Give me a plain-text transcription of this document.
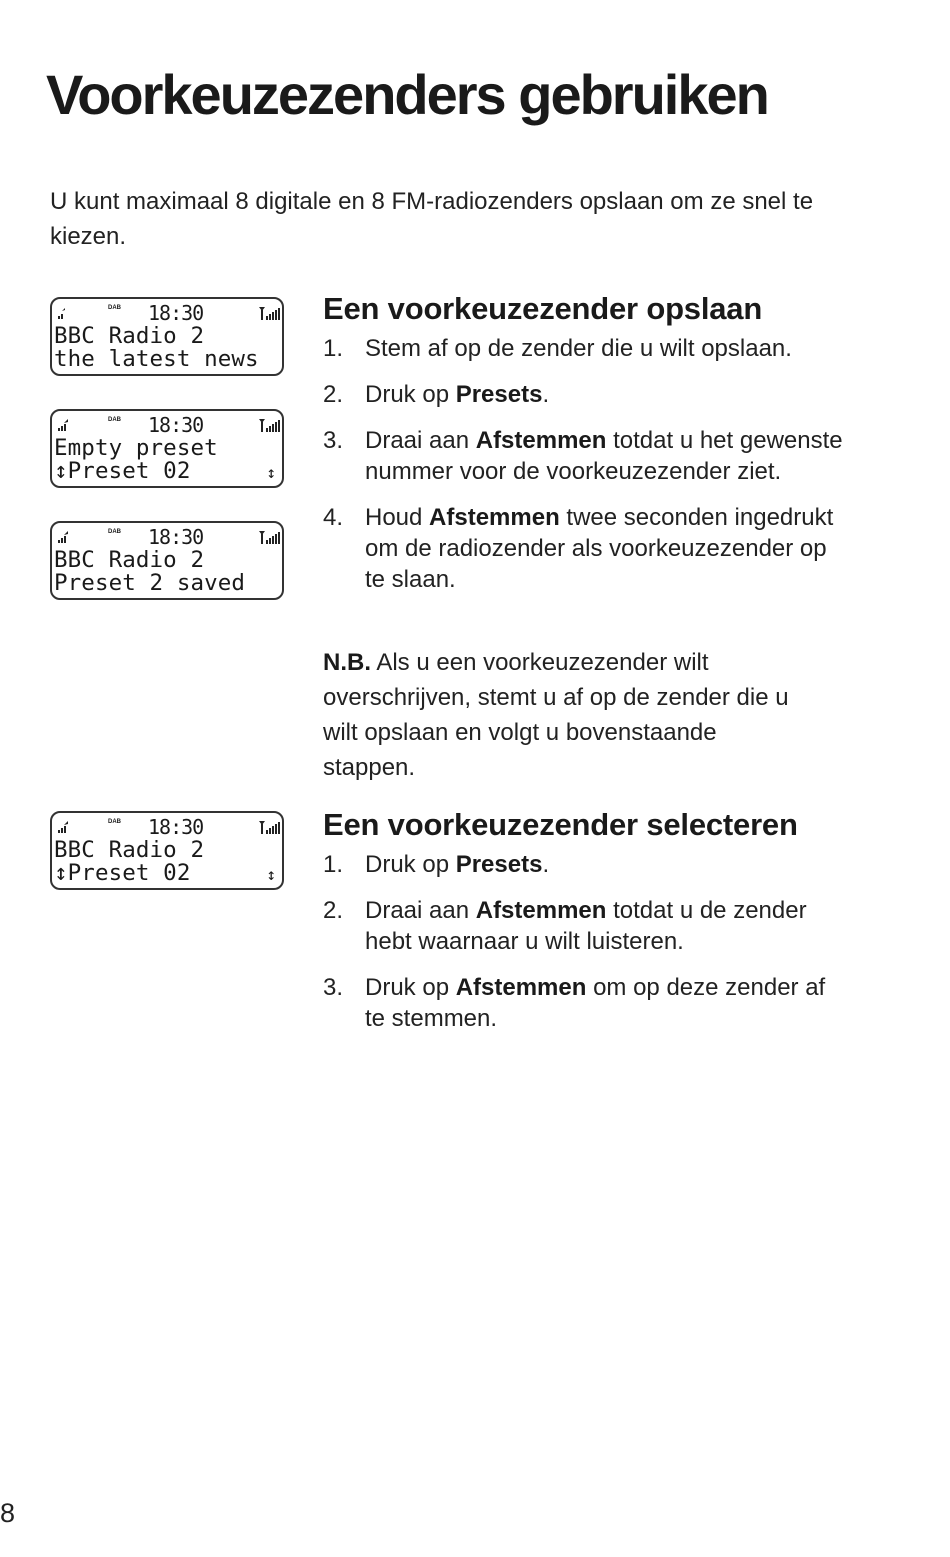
Voorkeuzezenders gebruiken

U kunt maximaal 8 digitale en 8 FM-radiozenders opslaan om ze snel te kiezen.

DAB 18:30
BBC Radio 2
the latest news
DAB 18:30
Empty preset
↕Preset 02	↕
DAB 18:30
BBC Radio 2
Preset 2 saved
DAB 18:30
BBC Radio 2
↕Preset 02	↕
Een voorkeuzezender opslaan
1. Stem af op de zender die u wilt opslaan.
2. Druk op Presets.
3. Draai aan Afstemmen totdat u het gewenste nummer voor de voorkeuzezender ziet.
4. Houd Afstemmen twee seconden ingedrukt om de radiozender als voorkeuzezender op te slaan.

N.B. Als u een voorkeuzezender wilt overschrijven, stemt u af op de zender die u wilt opslaan en volgt u bovenstaande stappen.

Een voorkeuzezender selecteren
1. Druk op Presets.
2. Draai aan Afstemmen totdat u de zender hebt waarnaar u wilt luisteren.
3. Druk op Afstemmen om op deze zender af te stemmen.
8
